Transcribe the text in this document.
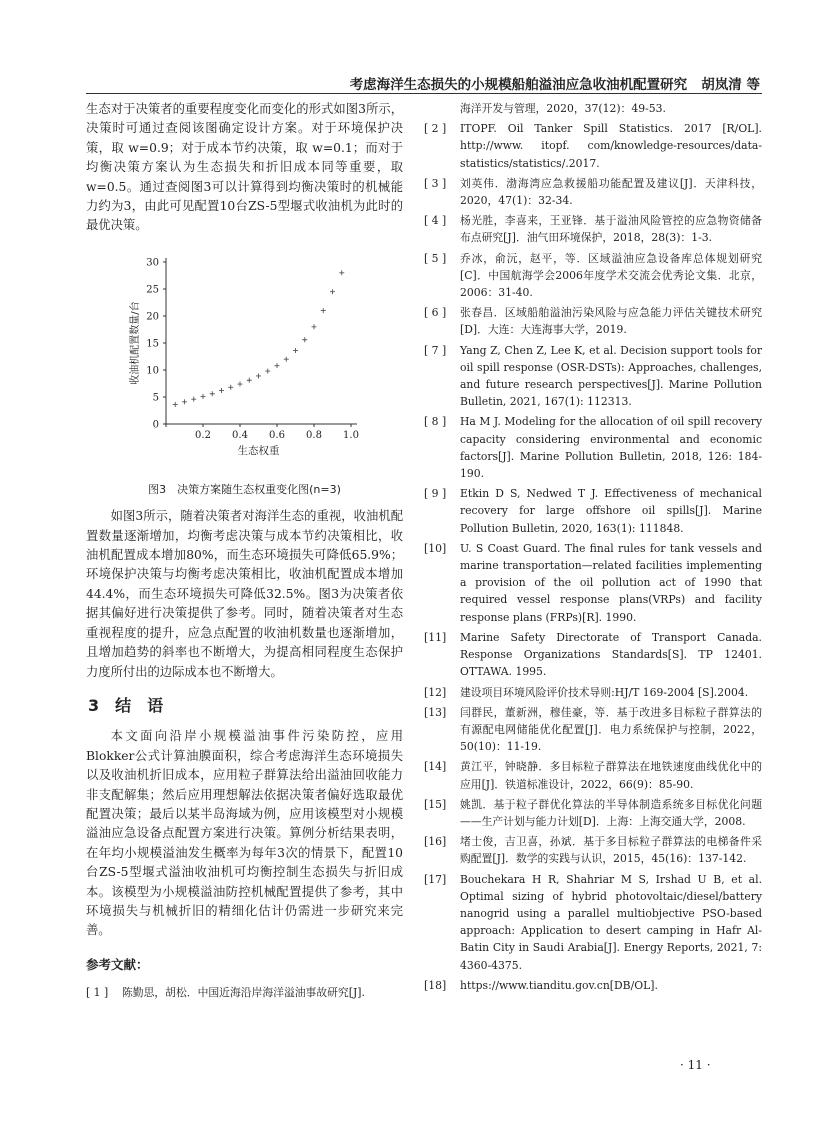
考虑海洋生态损失的小规模船舶溢油应急收油机配置研究 胡岚清 等

生态对于决策者的重要程度变化而变化的形式如图3所示，决策时可通过查阅该图确定设计方案。对于环境保护决策，取 w=0.9；对于成本节约决策，取 w=0.1；而对于均衡决策方案认为生态损失和折旧成本同等重要，取 w=0.5。通过查阅图3可以计算得到均衡决策时的机械能力约为3，由此可见配置10台ZS-5型堰式收油机为此时的最优决策。

0
5
10
15
20
25
30
0.2 0.4 0.6 0.8 1.0
生态权重
收油机配置数量/台

图3　决策方案随生态权重变化图(n=3)

如图3所示，随着决策者对海洋生态的重视，收油机配置数量逐渐增加，均衡考虑决策与成本节约决策相比，收油机配置成本增加80%，而生态环境损失可降低65.9%；环境保护决策与均衡考虑决策相比，收油机配置成本增加44.4%，而生态环境损失可降低32.5%。图3为决策者依据其偏好进行决策提供了参考。同时，随着决策者对生态重视程度的提升，应急点配置的收油机数量也逐渐增加，且增加趋势的斜率也不断增大，为提高相同程度生态保护力度所付出的边际成本也不断增大。

3　结　语

本文面向沿岸小规模溢油事件污染防控，应用Blokker公式计算油膜面积，综合考虑海洋生态环境损失以及收油机折旧成本，应用粒子群算法给出溢油回收能力非支配解集；然后应用理想解法依据决策者偏好选取最优配置决策；最后以某半岛海域为例，应用该模型对小规模溢油应急设备点配置方案进行决策。算例分析结果表明，在年均小规模溢油发生概率为每年3次的情景下，配置10台ZS-5型堰式溢油收油机可均衡控制生态损失与折旧成本。该模型为小规模溢油防控机械配置提供了参考，其中环境损失与机械折旧的精细化估计仍需进一步研究来完善。

参考文献：
[ 1 ]	陈勤思，胡松．中国近海沿岸海洋溢油事故研究[J].
海洋开发与管理，2020，37(12)：49-53.
[ 2 ]	ITOPF. Oil Tanker Spill Statistics. 2017 [R/OL]. http://www. itopf. com/knowledge-resources/data-statistics/statistics/.2017.
[ 3 ]	刘英伟．渤海湾应急救援船功能配置及建议[J]．天津科技，2020，47(1)：32-34.
[ 4 ]	杨光胜，李喜来，王亚锋．基于溢油风险管控的应急物资储备布点研究[J]．油气田环境保护，2018，28(3)：1-3.
[ 5 ]	乔冰，俞沅，赵平，等．区域溢油应急设备库总体规划研究[C]．中国航海学会2006年度学术交流会优秀论文集．北京，2006：31-40.
[ 6 ]	张春昌．区域船舶溢油污染风险与应急能力评估关键技术研究[D]．大连：大连海事大学，2019.
[ 7 ]	Yang Z, Chen Z, Lee K, et al. Decision support tools for oil spill response (OSR-DSTs): Approaches, challenges, and future research perspectives[J]. Marine Pollution Bulletin, 2021, 167(1): 112313.
[ 8 ]	Ha M J. Modeling for the allocation of oil spill recovery capacity considering environmental and economic factors[J]. Marine Pollution Bulletin, 2018, 126: 184-190.
[ 9 ]	Etkin D S, Nedwed T J. Effectiveness of mechanical recovery for large offshore oil spills[J]. Marine Pollution Bulletin, 2020, 163(1): 111848.
[10]	U. S Coast Guard. The final rules for tank vessels and marine transportation—related facilities implementing a provision of the oil pollution act of 1990 that required vessel response plans(VRPs) and facility response plans (FRPs)[R]. 1990.
[11]	Marine Safety Directorate of Transport Canada. Response Organizations Standards[S]. TP 12401. OTTAWA. 1995.
[12]	建设项目环境风险评价技术导则:HJ/T 169-2004 [S].2004.
[13]	闫群民，董新洲，穆佳豪，等．基于改进多目标粒子群算法的有源配电网储能优化配置[J]．电力系统保护与控制，2022，50(10)：11-19.
[14]	黄江平，钟晓静．多目标粒子群算法在地铁速度曲线优化中的应用[J]．铁道标准设计，2022，66(9)：85-90.
[15]	姚凯．基于粒子群优化算法的半导体制造系统多目标优化问题——生产计划与能力计划[D]．上海：上海交通大学，2008.
[16]	堵士俊，吉卫喜，孙斌．基于多目标粒子群算法的电梯备件采购配置[J]．数学的实践与认识，2015，45(16)：137-142.
[17]	Bouchekara H R, Shahriar M S, Irshad U B, et al. Optimal sizing of hybrid photovoltaic/diesel/battery nanogrid using a parallel multiobjective PSO-based approach: Application to desert camping in Hafr Al-Batin City in Saudi Arabia[J]. Energy Reports, 2021, 7: 4360-4375.
[18]	https://www.tianditu.gov.cn[DB/OL].
· 11 ·
